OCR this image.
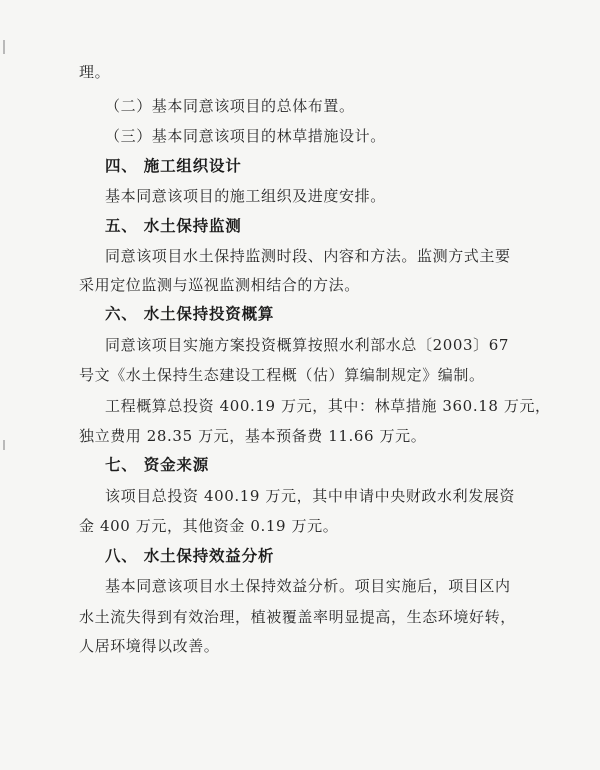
理。

（二）基本同意该项目的总体布置。

（三）基本同意该项目的林草措施设计。

四、 施工组织设计

基本同意该项目的施工组织及进度安排。

五、 水土保持监测

同意该项目水土保持监测时段、内容和方法。监测方式主要

采用定位监测与巡视监测相结合的方法。

六、 水土保持投资概算

同意该项目实施方案投资概算按照水利部水总〔2003〕67

号文《水土保持生态建设工程概（估）算编制规定》编制。

工程概算总投资 400.19 万元，其中：林草措施 360.18 万元，

独立费用 28.35 万元，基本预备费 11.66 万元。

七、 资金来源

该项目总投资 400.19 万元，其中申请中央财政水利发展资

金 400 万元，其他资金 0.19 万元。

八、 水土保持效益分析

基本同意该项目水土保持效益分析。项目实施后，项目区内

水土流失得到有效治理，植被覆盖率明显提高，生态环境好转，

人居环境得以改善。
